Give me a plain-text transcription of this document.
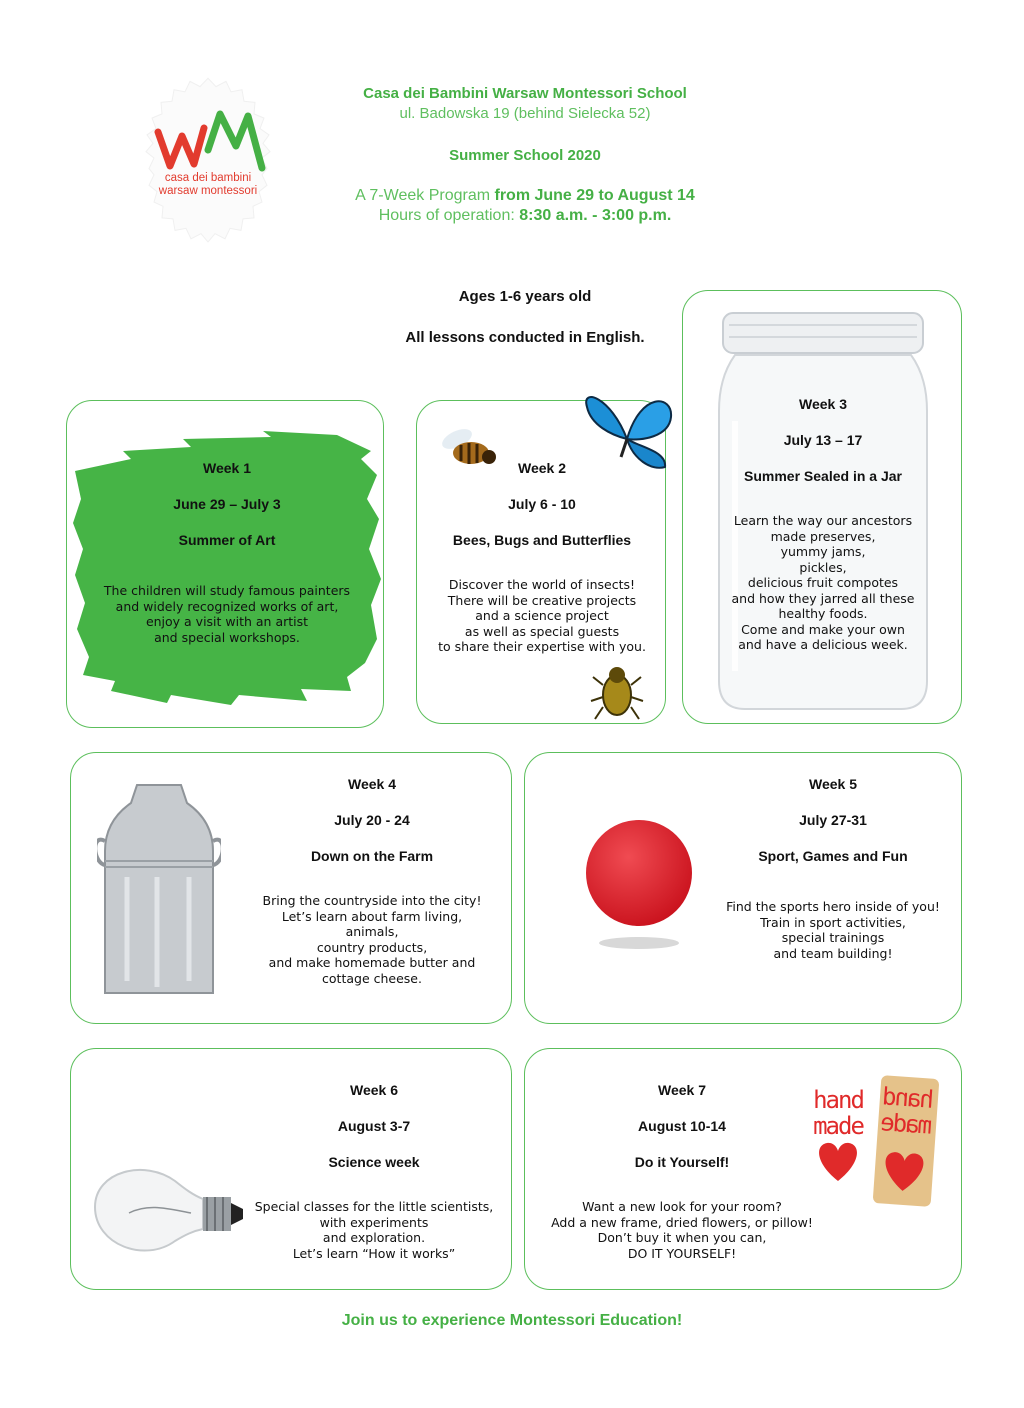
casa dei bambini
warsaw montessori
Casa dei Bambini Warsaw Montessori School
ul. Badowska 19 (behind Sielecka 52)
Summer School 2020
A 7-Week Program from June 29 to August 14
Hours of operation: 8:30 a.m. - 3:00 p.m.
Ages 1-6 years old
All lessons conducted in English.
Week 1
June 29 – July 3
Summer of Art
The children will study famous painters
and widely recognized works of art,
enjoy a visit with an artist
and special workshops.
Week 2
July 6 - 10
Bees, Bugs and Butterflies
Discover the world of insects!
There will be creative projects
and a science project
as well as special guests
to share their expertise with you.
Week 3
July 13 – 17
Summer Sealed in a Jar
Learn the way our ancestors
made preserves,
yummy jams,
pickles,
delicious fruit compotes
and how they jarred all these
healthy foods.
Come and make your own
and have a delicious week.
Week 4
July 20 - 24
Down on the Farm
Bring the countryside into the city!
Let’s learn about farm living,
animals,
country products,
and make homemade butter and
cottage cheese.
Week 5
July 27-31
Sport, Games and Fun
Find the sports hero inside of you!
Train in sport activities,
special trainings
and team building!
Week 6
August 3-7
Science week
Special classes for the little scientists,
with experiments
and exploration.
Let’s learn “How it works”
hand
made
hand
made
Week 7
August 10-14
Do it Yourself!
Want a new look for your room?
Add a new frame, dried flowers, or pillow!
Don’t buy it when you can,
DO IT YOURSELF!
Join us to experience Montessori Education!
